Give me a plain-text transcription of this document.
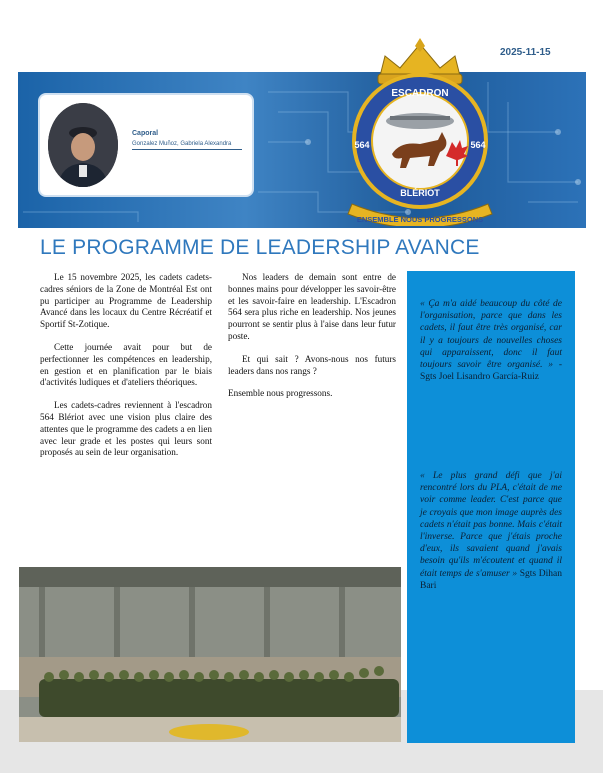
2025-11-15
Caporal
Gonzalez Muñoz, Gabriela Alexandra
ESCADRON
564	564
BLÉRIOT
ENSEMBLE NOUS PROGRESSONS
LE PROGRAMME DE LEADERSHIP AVANCE

Le 15 novembre 2025, les cadets cadets-cadres séniors de la Zone de Montréal Est ont pu participer au Programme de Leadership Avancé dans les locaux du Centre Récréatif et Sportif St-Zotique.

Cette journée avait pour but de perfectionner les compétences en leadership, en gestion et en planification par le biais d'activités ludiques et d'ateliers théoriques.

Les cadets-cadres reviennent à l'escadron 564 Blériot avec une vision plus claire des attentes que le programme des cadets a en lien avec leur grade et les postes qui leurs sont proposés au sein de leur organisation.

Nos leaders de demain sont entre de bonnes mains pour développer les savoir-être et les savoir-faire en leadership. L'Escadron 564 sera plus riche en leadership. Nos jeunes pourront se sentir plus à l'aise dans leur futur poste.

Et qui sait ? Avons-nous nos futurs leaders dans nos rangs ?

Ensemble nous progressons.

« Ça m'a aidé beaucoup du côté de l'organisation, parce que dans les cadets, il faut être très organisé, car il y a toujours de nouvelles choses qui apparaissent, donc il faut toujours savoir être organisé. » - Sgts Joel Lisandro García-Ruiz
« Le plus grand défi que j'ai rencontré lors du PLA, c'était de me voir comme leader. C'est parce que je croyais que mon image auprès des cadets n'était pas bonne. Mais c'était l'inverse. Parce que j'étais proche d'eux, ils savaient quand j'avais besoin qu'ils m'écoutent et quand il était temps de s'amuser » Sgts Dihan Bari
